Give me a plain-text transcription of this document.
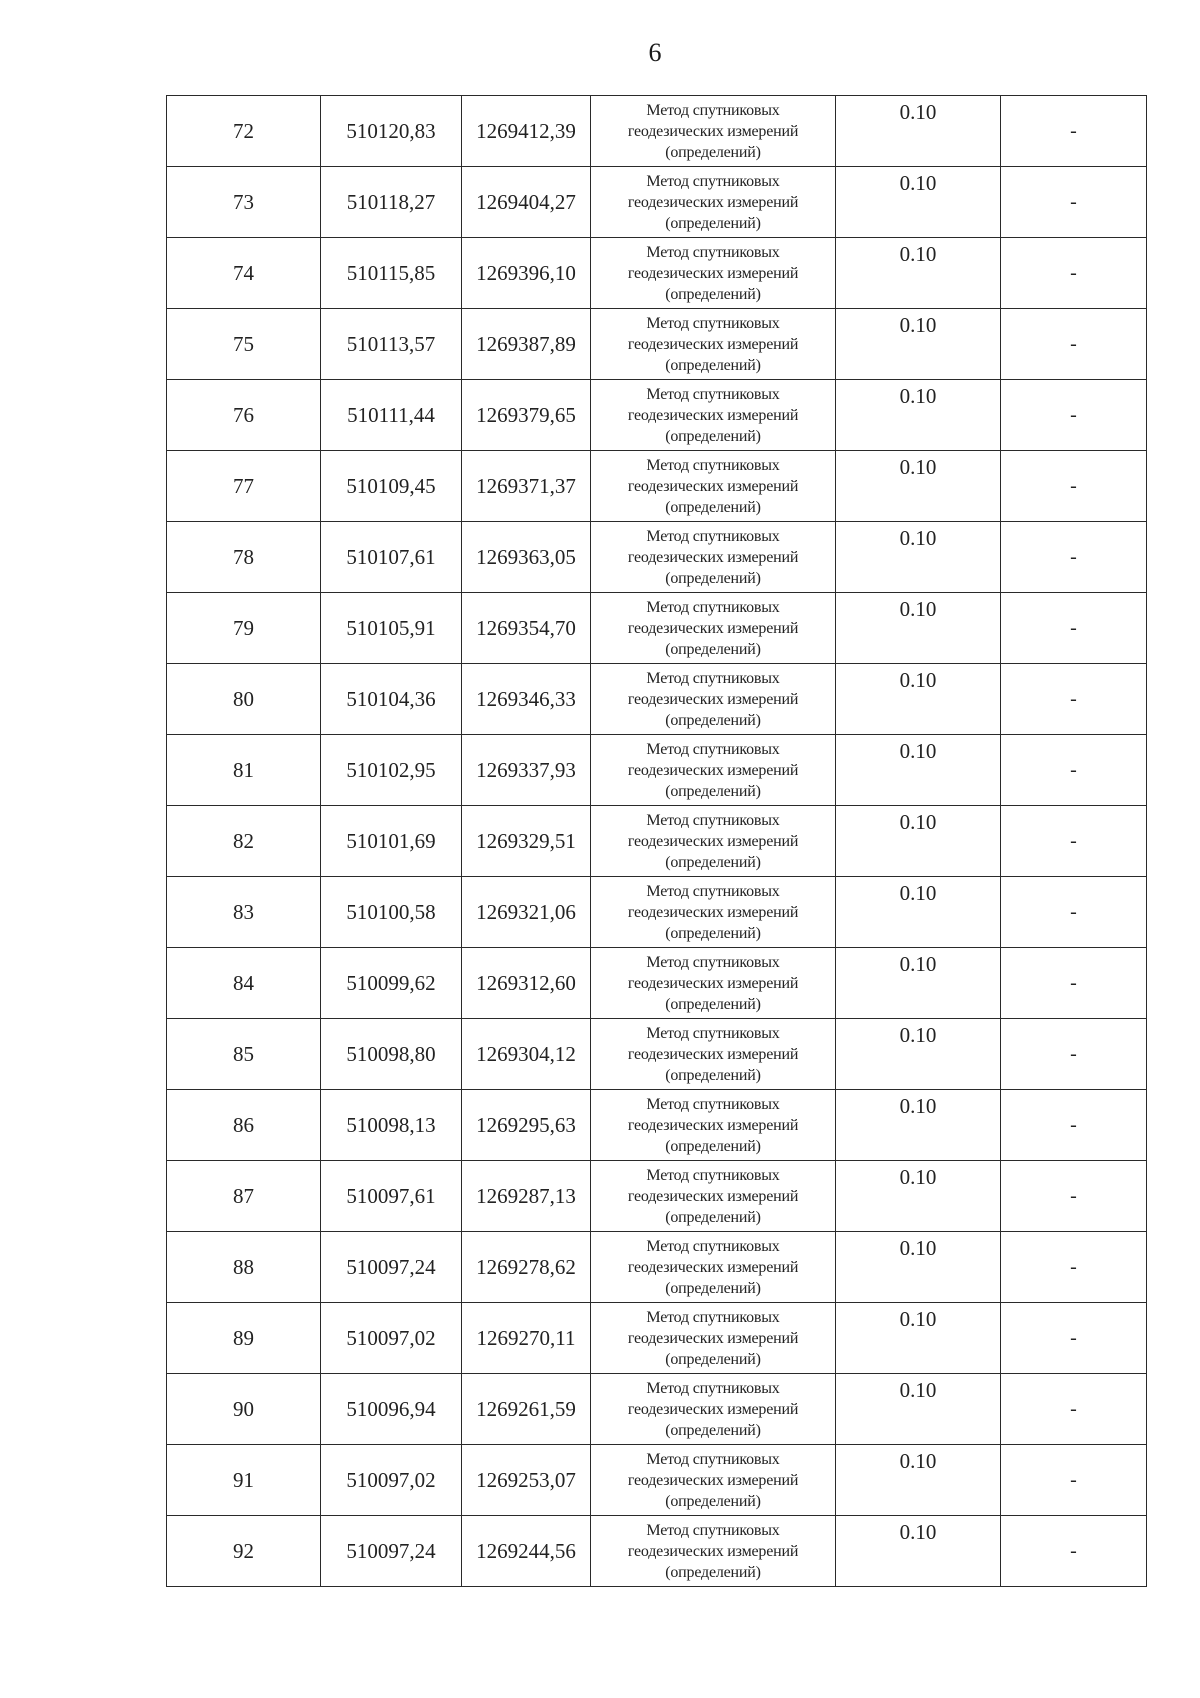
6
72	510120,83	1269412,39	Метод спутниковых
геодезических измерений
(определений)	0.10	-
73	510118,27	1269404,27	Метод спутниковых
геодезических измерений
(определений)	0.10	-
74	510115,85	1269396,10	Метод спутниковых
геодезических измерений
(определений)	0.10	-
75	510113,57	1269387,89	Метод спутниковых
геодезических измерений
(определений)	0.10	-
76	510111,44	1269379,65	Метод спутниковых
геодезических измерений
(определений)	0.10	-
77	510109,45	1269371,37	Метод спутниковых
геодезических измерений
(определений)	0.10	-
78	510107,61	1269363,05	Метод спутниковых
геодезических измерений
(определений)	0.10	-
79	510105,91	1269354,70	Метод спутниковых
геодезических измерений
(определений)	0.10	-
80	510104,36	1269346,33	Метод спутниковых
геодезических измерений
(определений)	0.10	-
81	510102,95	1269337,93	Метод спутниковых
геодезических измерений
(определений)	0.10	-
82	510101,69	1269329,51	Метод спутниковых
геодезических измерений
(определений)	0.10	-
83	510100,58	1269321,06	Метод спутниковых
геодезических измерений
(определений)	0.10	-
84	510099,62	1269312,60	Метод спутниковых
геодезических измерений
(определений)	0.10	-
85	510098,80	1269304,12	Метод спутниковых
геодезических измерений
(определений)	0.10	-
86	510098,13	1269295,63	Метод спутниковых
геодезических измерений
(определений)	0.10	-
87	510097,61	1269287,13	Метод спутниковых
геодезических измерений
(определений)	0.10	-
88	510097,24	1269278,62	Метод спутниковых
геодезических измерений
(определений)	0.10	-
89	510097,02	1269270,11	Метод спутниковых
геодезических измерений
(определений)	0.10	-
90	510096,94	1269261,59	Метод спутниковых
геодезических измерений
(определений)	0.10	-
91	510097,02	1269253,07	Метод спутниковых
геодезических измерений
(определений)	0.10	-
92	510097,24	1269244,56	Метод спутниковых
геодезических измерений
(определений)	0.10	-
